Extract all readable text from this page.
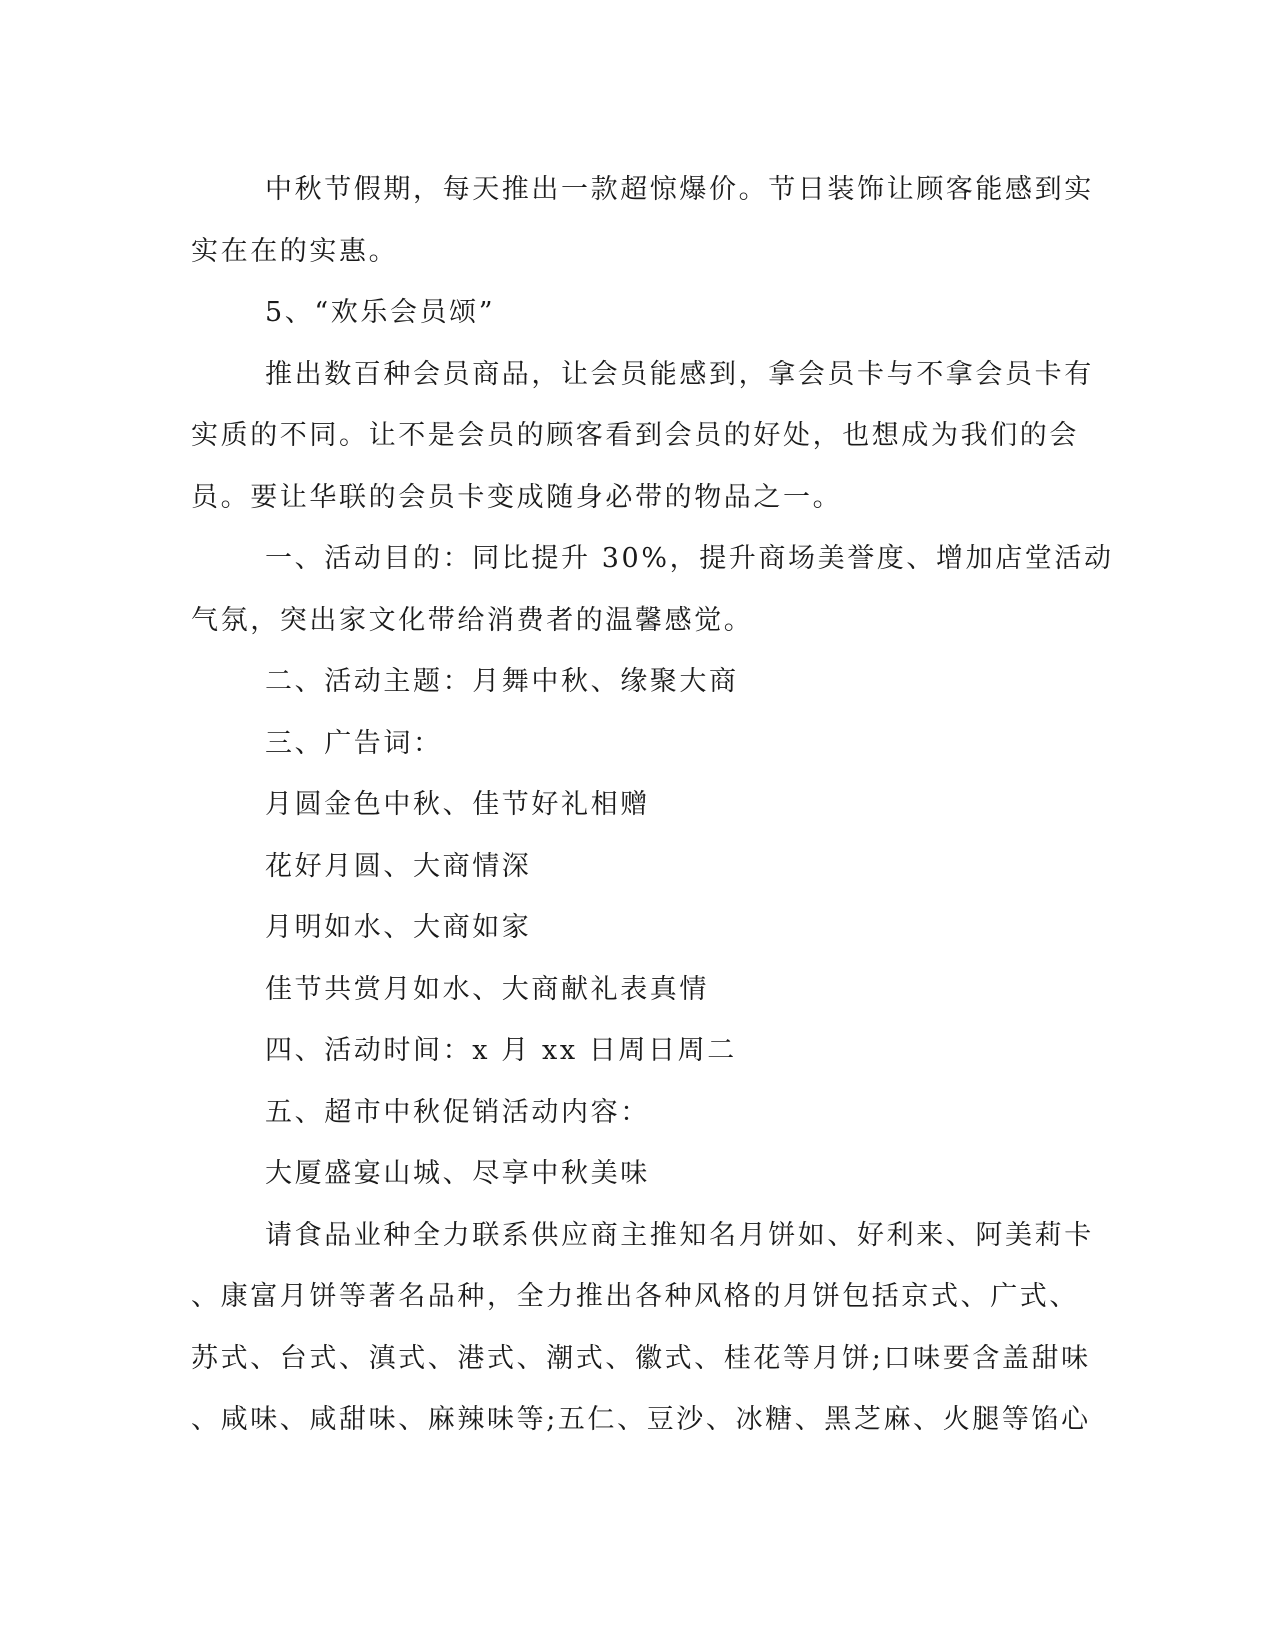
中秋节假期，每天推出一款超惊爆价。节日装饰让顾客能感到实
实在在的实惠。
5、“欢乐会员颂”
推出数百种会员商品，让会员能感到，拿会员卡与不拿会员卡有
实质的不同。让不是会员的顾客看到会员的好处，也想成为我们的会
员。要让华联的会员卡变成随身必带的物品之一。
一、活动目的：同比提升 30%，提升商场美誉度、增加店堂活动
气氛，突出家文化带给消费者的温馨感觉。
二、活动主题：月舞中秋、缘聚大商
三、广告词：
月圆金色中秋、佳节好礼相赠
花好月圆、大商情深
月明如水、大商如家
佳节共赏月如水、大商献礼表真情
四、活动时间：x 月 xx 日周日周二
五、超市中秋促销活动内容：
大厦盛宴山城、尽享中秋美味
请食品业种全力联系供应商主推知名月饼如、好利来、阿美莉卡
、康富月饼等著名品种，全力推出各种风格的月饼包括京式、广式、
苏式、台式、滇式、港式、潮式、徽式、桂花等月饼;口味要含盖甜味
、咸味、咸甜味、麻辣味等;五仁、豆沙、冰糖、黑芝麻、火腿等馅心
